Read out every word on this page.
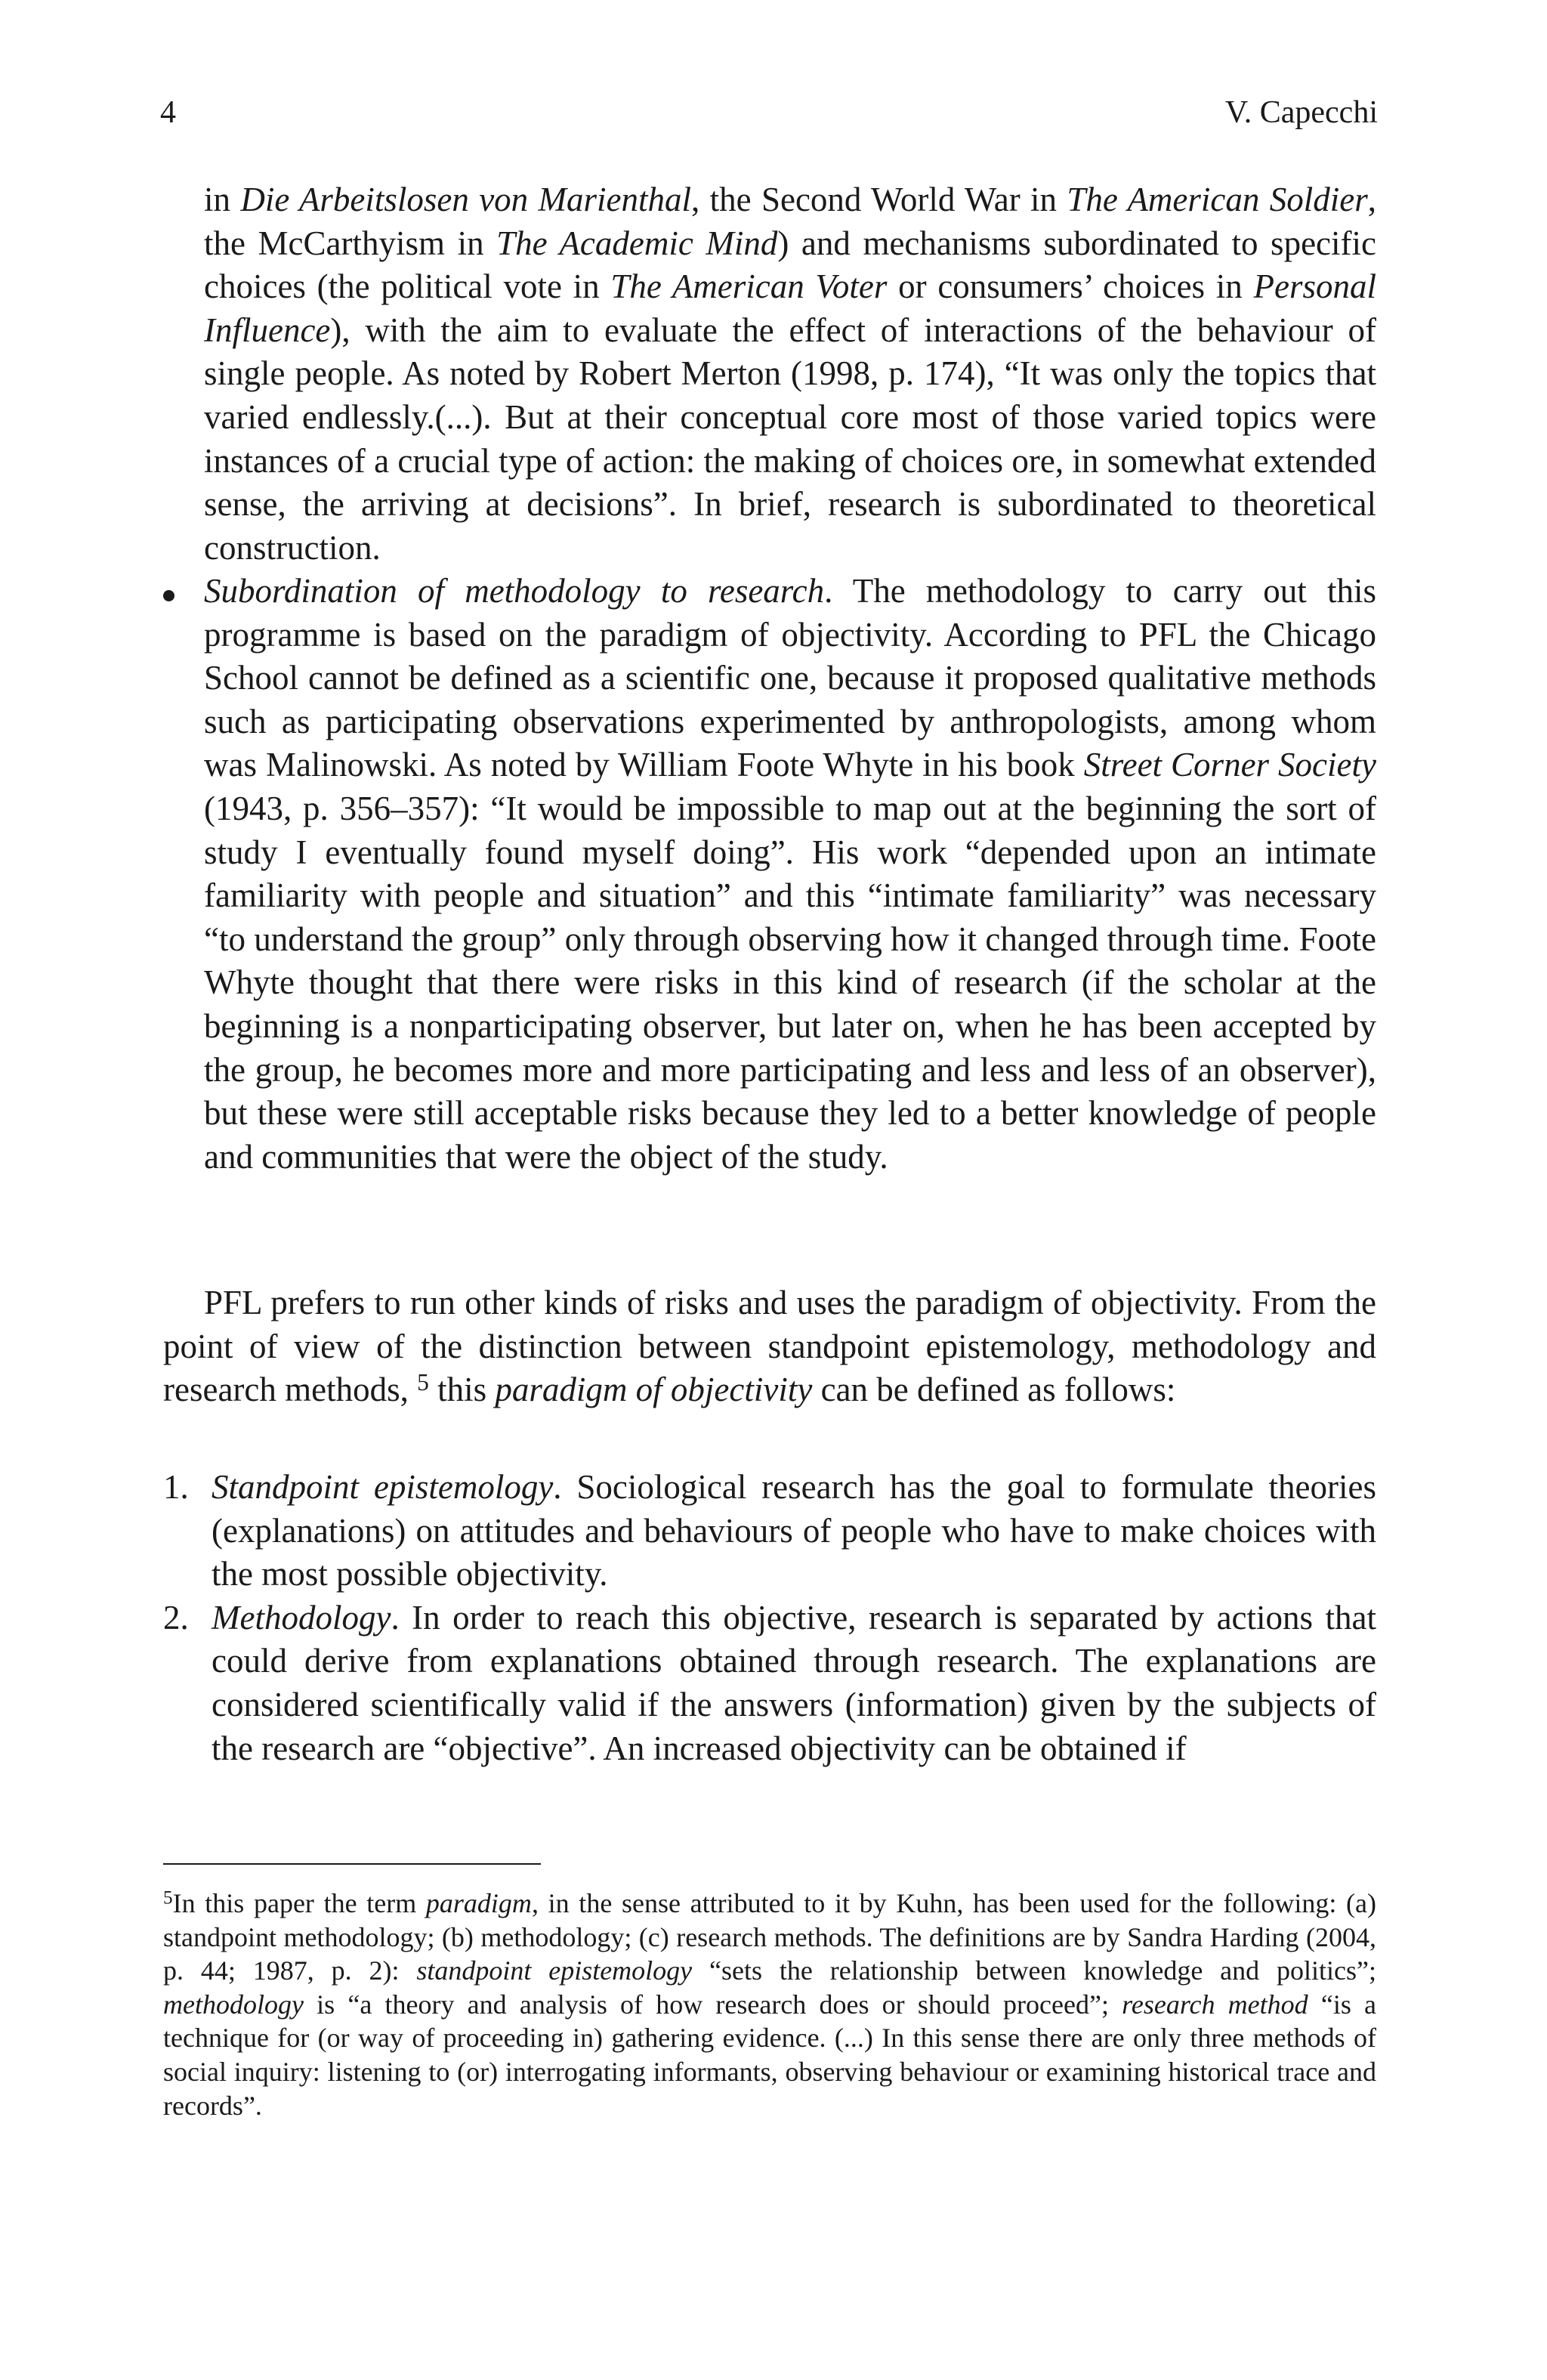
4	V. Capecchi
in Die Arbeitslosen von Marienthal, the Second World War in The American Soldier, the McCarthyism in The Academic Mind) and mechanisms subordinated to specific choices (the political vote in The American Voter or consumers’ choices in Personal Influence), with the aim to evaluate the effect of interactions of the behaviour of single people. As noted by Robert Merton (1998, p. 174), “It was only the topics that varied endlessly.(...). But at their conceptual core most of those varied topics were instances of a crucial type of action: the making of choices ore, in somewhat extended sense, the arriving at decisions”. In brief, research is subordinated to theoretical construction.
Subordination of methodology to research. The methodology to carry out this programme is based on the paradigm of objectivity. According to PFL the Chicago School cannot be defined as a scientific one, because it proposed qualitative methods such as participating observations experimented by anthropologists, among whom was Malinowski. As noted by William Foote Whyte in his book Street Corner Society (1943, p. 356–357): “It would be impossible to map out at the beginning the sort of study I eventually found myself doing”. His work “depended upon an intimate familiarity with people and situation” and this “intimate familiarity” was necessary “to understand the group” only through observing how it changed through time. Foote Whyte thought that there were risks in this kind of research (if the scholar at the beginning is a nonparticipating observer, but later on, when he has been accepted by the group, he becomes more and more participating and less and less of an observer), but these were still acceptable risks because they led to a better knowledge of people and communities that were the object of the study.

PFL prefers to run other kinds of risks and uses the paradigm of objectivity. From the point of view of the distinction between standpoint epistemology, methodology and research methods, $^5$ this paradigm of objectivity can be defined as follows:

1. Standpoint epistemology. Sociological research has the goal to formulate theories (explanations) on attitudes and behaviours of people who have to make choices with the most possible objectivity.
2. Methodology. In order to reach this objective, research is separated by actions that could derive from explanations obtained through research. The explanations are considered scientifically valid if the answers (information) given by the subjects of the research are “objective”. An increased objectivity can be obtained if
$^5$In this paper the term paradigm, in the sense attributed to it by Kuhn, has been used for the following: (a) standpoint methodology; (b) methodology; (c) research methods. The definitions are by Sandra Harding (2004, p. 44; 1987, p. 2): standpoint epistemology “sets the relationship between knowledge and politics”; methodology is “a theory and analysis of how research does or should proceed”; research method “is a technique for (or way of proceeding in) gathering evidence. (...) In this sense there are only three methods of social inquiry: listening to (or) interrogating informants, observing behaviour or examining historical trace and records”.
